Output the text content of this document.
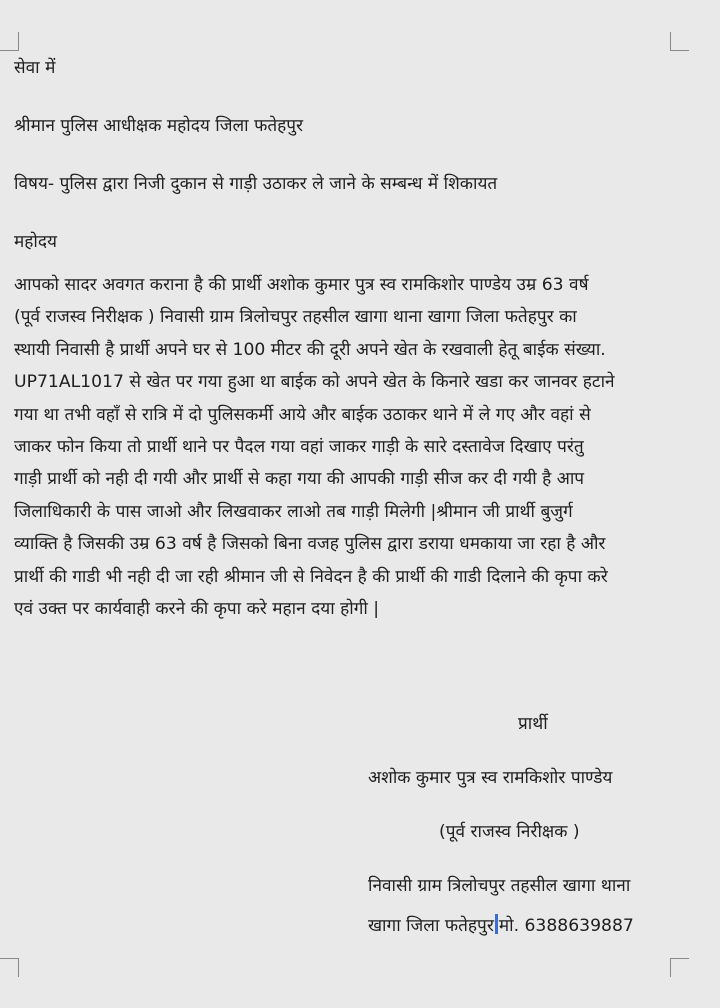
सेवा में
श्रीमान पुलिस आधीक्षक महोदय जिला फतेहपुर
विषय- पुलिस द्वारा निजी दुकान से गाड़ी उठाकर ले जाने के सम्बन्ध में शिकायत
महोदय
आपको सादर अवगत कराना है की प्रार्थी अशोक कुमार पुत्र स्व रामकिशोर पाण्डेय उम्र 63 वर्ष
(पूर्व राजस्व निरीक्षक ) निवासी ग्राम त्रिलोचपुर तहसील खागा थाना खागा जिला फतेहपुर का
स्थायी निवासी है प्रार्थी अपने घर से 100 मीटर की दूरी अपने खेत के रखवाली हेतू बाईक संख्या.
UP71AL1017 से खेत पर गया हुआ था बाईक को अपने खेत के किनारे खडा कर जानवर हटाने
गया था तभी वहाँ से रात्रि में दो पुलिसकर्मी आये और बाईक उठाकर थाने में ले गए और वहां से
जाकर फोन किया तो प्रार्थी थाने पर पैदल गया वहां जाकर गाड़ी के सारे दस्तावेज दिखाए परंतु
गाड़ी प्रार्थी को नही दी गयी और प्रार्थी से कहा गया की आपकी गाड़ी सीज कर दी गयी है आप
जिलाधिकारी के पास जाओ और लिखवाकर लाओ तब गाड़ी मिलेगी |श्रीमान जी प्रार्थी बुजुर्ग
व्याक्ति है जिसकी उम्र 63 वर्ष है जिसको बिना वजह पुलिस द्वारा डराया धमकाया जा रहा है और
प्रार्थी की गाडी भी नही दी जा रही श्रीमान जी से निवेदन है की प्रार्थी की गाडी दिलाने की कृपा करे
एवं उक्त पर कार्यवाही करने की कृपा करे महान दया होगी |
प्रार्थी
अशोक कुमार पुत्र स्व रामकिशोर पाण्डेय
(पूर्व राजस्व निरीक्षक )
निवासी ग्राम त्रिलोचपुर तहसील खागा थाना
खागा जिला फतेहपुर मो. 6388639887
